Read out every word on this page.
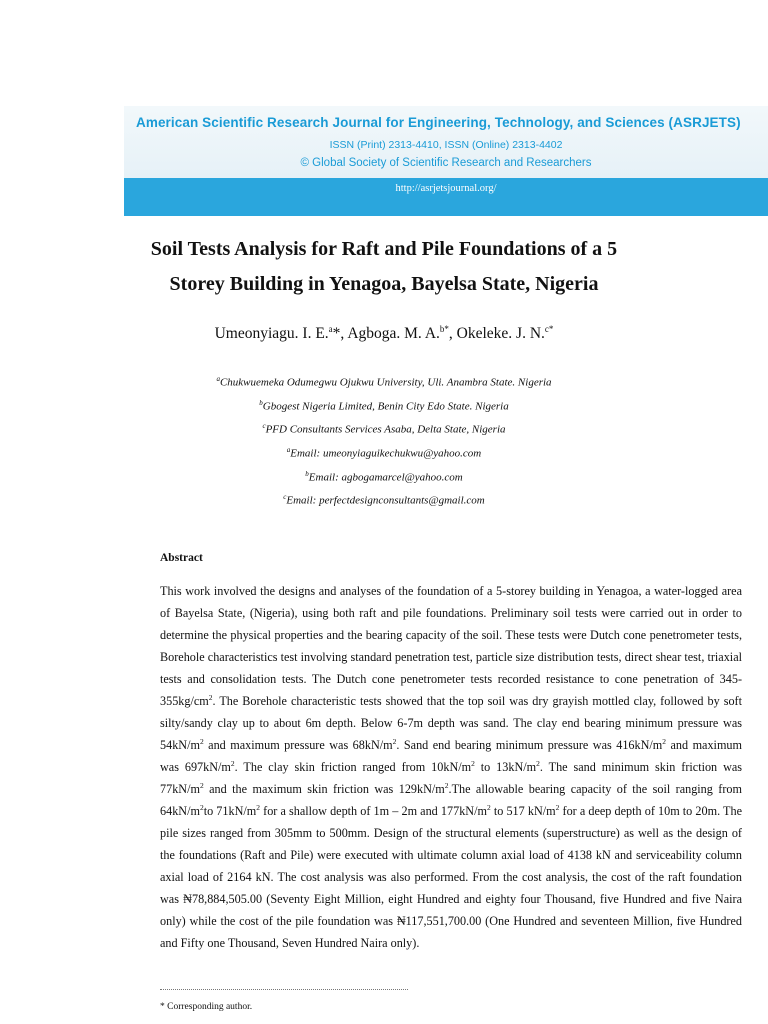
American Scientific Research Journal for Engineering, Technology, and Sciences (ASRJETS)
ISSN (Print) 2313-4410, ISSN (Online) 2313-4402
© Global Society of Scientific Research and Researchers
http://asrjetsjournal.org/
Soil Tests Analysis for Raft and Pile Foundations of a 5
Storey Building in Yenagoa, Bayelsa State, Nigeria
Umeonyiagu. I. E.$^a$*, Agboga. M. A.$^{b*}$, Okeleke. J. N.$^{c*}$
$^a$Chukwuemeka Odumegwu Ojukwu University, Uli. Anambra State. Nigeria
$^b$Gbogest Nigeria Limited, Benin City Edo State. Nigeria
$^c$PFD Consultants Services Asaba, Delta State, Nigeria
$^a$Email: umeonyiaguikechukwu@yahoo.com
$^b$Email: agbogamarcel@yahoo.com
$^c$Email: perfectdesignconsultants@gmail.com
Abstract

This work involved the designs and analyses of the foundation of a 5-storey building in Yenagoa, a water-logged area of Bayelsa State, (Nigeria), using both raft and pile foundations. Preliminary soil tests were carried out in order to determine the physical properties and the bearing capacity of the soil. These tests were Dutch cone penetrometer tests, Borehole characteristics test involving standard penetration test, particle size distribution tests, direct shear test, triaxial tests and consolidation tests. The Dutch cone penetrometer tests recorded resistance to cone penetration of $345-355kg/cm^2$. The Borehole characteristic tests showed that the top soil was dry grayish mottled clay, followed by soft silty/sandy clay up to about 6m depth. Below 6-7m depth was sand. The clay end bearing minimum pressure was $54kN/m^2$ and maximum pressure was $68kN/m^2$. Sand end bearing minimum pressure was $416kN/m^2$ and maximum was $697kN/m^2$. The clay skin friction ranged from $10kN/m^2$ to $13kN/m^2$. The sand minimum skin friction was $77kN/m^2$ and the maximum skin friction was $129kN/m^2.The$ allowable bearing capacity of the soil ranging from $64kN/m^2to$ $71kN/m^2$ for a shallow depth of 1m – 2m and $177kN/m^2$ to 517 $kN/m^2$ for a deep depth of 10m to 20m. The pile sizes ranged from 305mm to 500mm. Design of the structural elements (superstructure) as well as the design of the foundations (Raft and Pile) were executed with ultimate column axial load of 4138 kN and serviceability column axial load of 2164 kN. The cost analysis was also performed. From the cost analysis, the cost of the raft foundation was ₦78,884,505.00 (Seventy Eight Million, eight Hundred and eighty four Thousand, five Hundred and five Naira only) while the cost of the pile foundation was ₦117,551,700.00 (One Hundred and seventeen Million, five Hundred and Fifty one Thousand, Seven Hundred Naira only).

* Corresponding author.
